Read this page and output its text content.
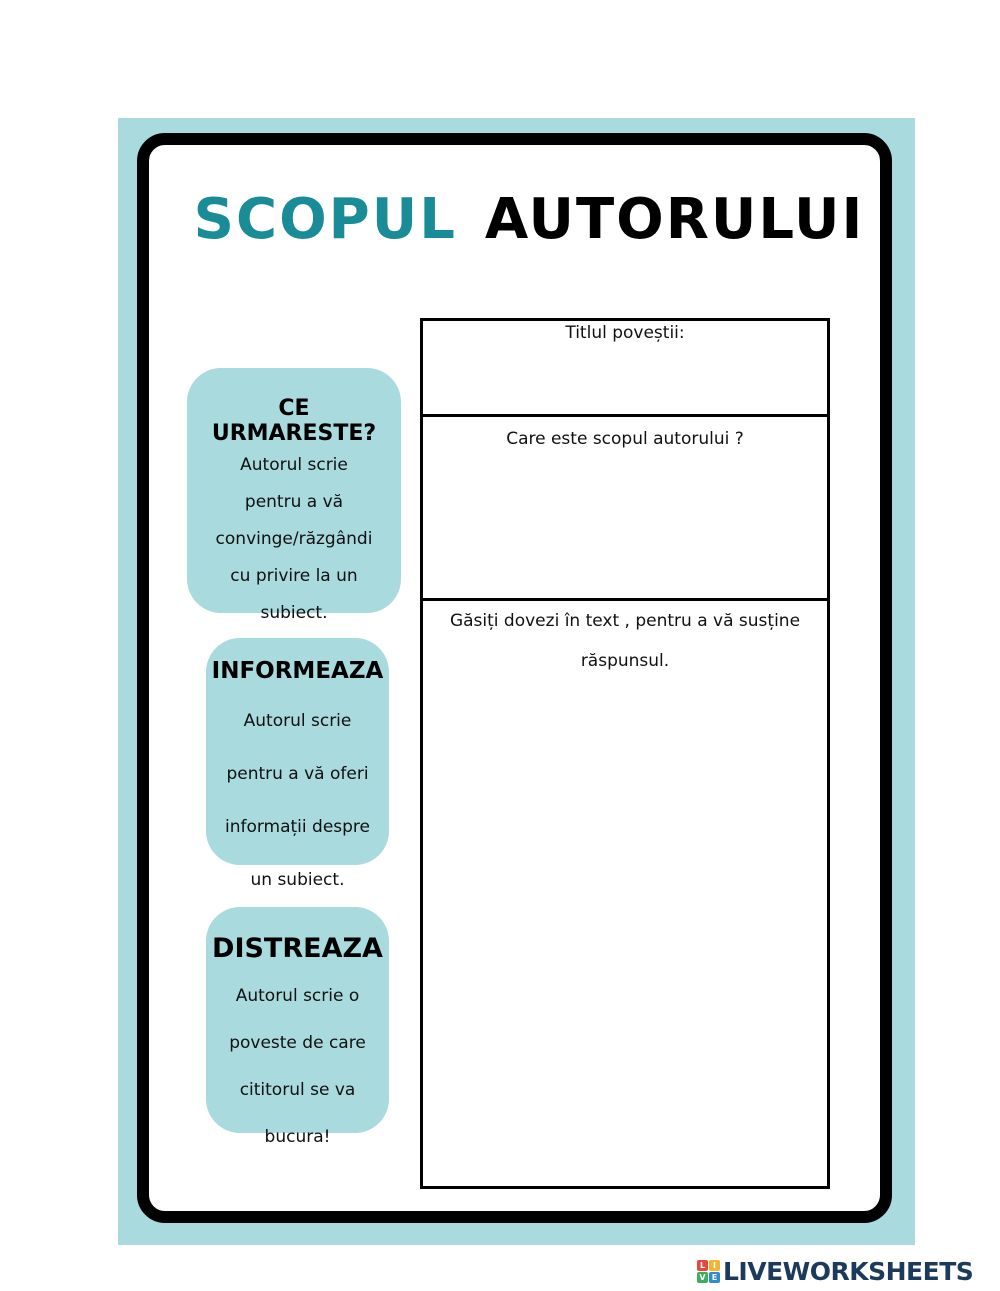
SCOPUL AUTORULUI
CE
URMARESTE?
Autorul scrie
pentru a vă
convinge/răzgândi
cu privire la un
subiect.
INFORMEAZA
Autorul scrie
pentru a vă oferi
informații despre
un subiect.
DISTREAZA
Autorul scrie o
poveste de care
cititorul se va
bucura!
Titlul poveștii:
Care este scopul autorului ?
Găsiți dovezi în text , pentru a vă susține
răspunsul.
L I
V E LIVEWORKSHEETS
